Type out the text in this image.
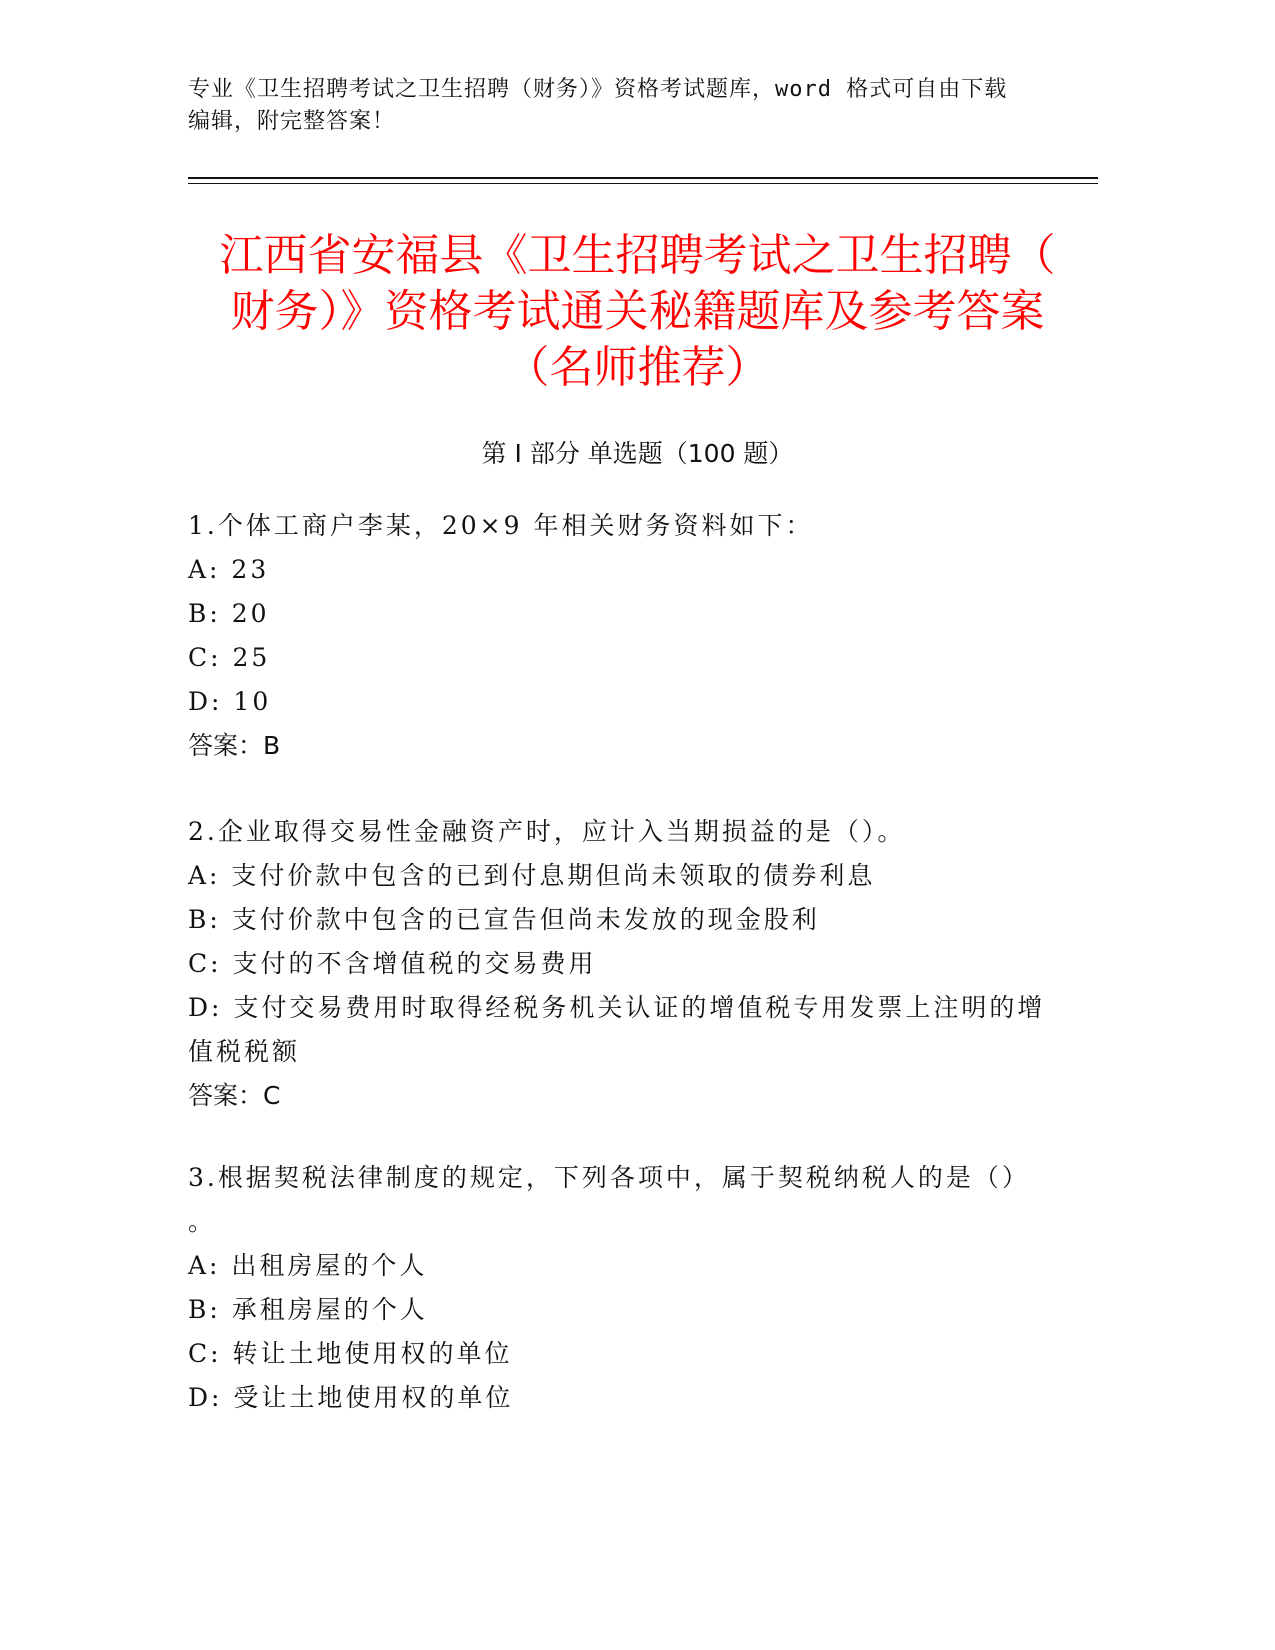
专业《卫生招聘考试之卫生招聘（财务）》资格考试题库，word 格式可自由下载
编辑，附完整答案！
江西省安福县《卫生招聘考试之卫生招聘（
财务）》资格考试通关秘籍题库及参考答案
（名师推荐）
第 I 部分 单选题（100 题）
1.个体工商户李某，20×9 年相关财务资料如下：
A: 23
B: 20
C: 25
D: 10
答案：B
2.企业取得交易性金融资产时，应计入当期损益的是（）。
A: 支付价款中包含的已到付息期但尚未领取的债券利息
B: 支付价款中包含的已宣告但尚未发放的现金股利
C: 支付的不含增值税的交易费用
D: 支付交易费用时取得经税务机关认证的增值税专用发票上注明的增
值税税额
答案：C
3.根据契税法律制度的规定，下列各项中，属于契税纳税人的是（）
。
A: 出租房屋的个人
B: 承租房屋的个人
C: 转让土地使用权的单位
D: 受让土地使用权的单位
